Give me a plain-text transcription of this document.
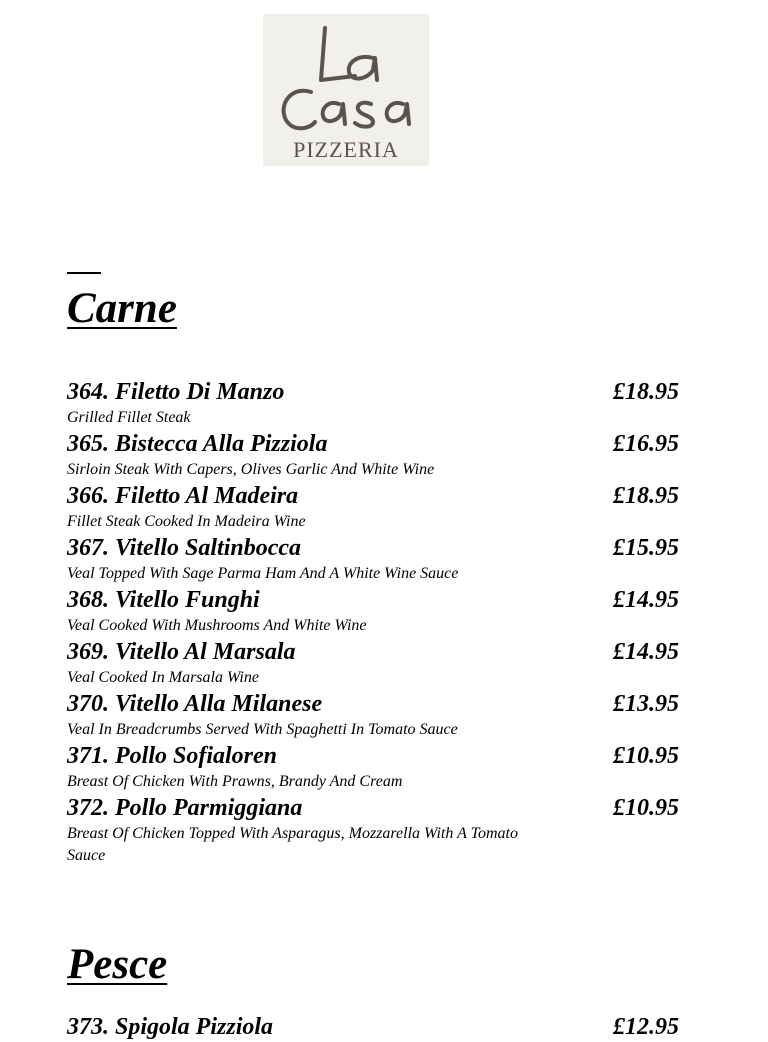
PIZZERIA
Carne
364. Filetto Di Manzo	£18.95
Grilled Fillet Steak
365. Bistecca Alla Pizziola	£16.95
Sirloin Steak With Capers, Olives Garlic And White Wine
366. Filetto Al Madeira	£18.95
Fillet Steak Cooked In Madeira Wine
367. Vitello Saltinbocca	£15.95
Veal Topped With Sage Parma Ham And A White Wine Sauce
368. Vitello Funghi	£14.95
Veal Cooked With Mushrooms And White Wine
369. Vitello Al Marsala	£14.95
Veal Cooked In Marsala Wine
370. Vitello Alla Milanese	£13.95
Veal In Breadcrumbs Served With Spaghetti In Tomato Sauce
371. Pollo Sofialoren	£10.95
Breast Of Chicken With Prawns, Brandy And Cream
372. Pollo Parmiggiana	£10.95
Breast Of Chicken Topped With Asparagus, Mozzarella With A Tomato Sauce
Pesce
373. Spigola Pizziola	£12.95
